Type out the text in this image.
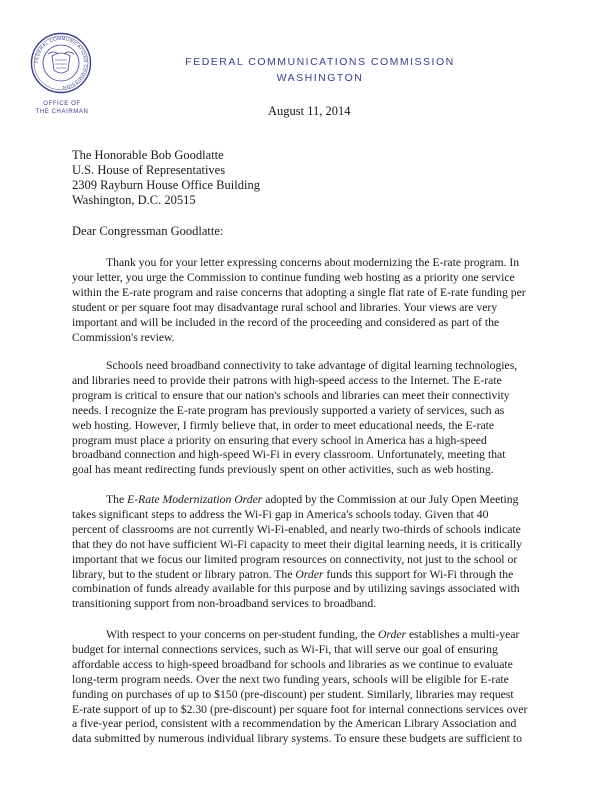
FEDERAL COMMUNICATIONS COMMISSION
OFFICE OF
THE CHAIRMAN
FEDERAL COMMUNICATIONS COMMISSION
WASHINGTON
August 11, 2014
The Honorable Bob Goodlatte
U.S. House of Representatives
2309 Rayburn House Office Building
Washington, D.C. 20515
Dear Congressman Goodlatte:
Thank you for your letter expressing concerns about modernizing the E-rate program. In
your letter, you urge the Commission to continue funding web hosting as a priority one service
within the E-rate program and raise concerns that adopting a single flat rate of E-rate funding per
student or per square foot may disadvantage rural school and libraries. Your views are very
important and will be included in the record of the proceeding and considered as part of the
Commission's review.
Schools need broadband connectivity to take advantage of digital learning technologies,
and libraries need to provide their patrons with high-speed access to the Internet. The E-rate
program is critical to ensure that our nation's schools and libraries can meet their connectivity
needs. I recognize the E-rate program has previously supported a variety of services, such as
web hosting. However, I firmly believe that, in order to meet educational needs, the E-rate
program must place a priority on ensuring that every school in America has a high-speed
broadband connection and high-speed Wi-Fi in every classroom. Unfortunately, meeting that
goal has meant redirecting funds previously spent on other activities, such as web hosting.
The E-Rate Modernization Order adopted by the Commission at our July Open Meeting
takes significant steps to address the Wi-Fi gap in America's schools today. Given that 40
percent of classrooms are not currently Wi-Fi-enabled, and nearly two-thirds of schools indicate
that they do not have sufficient Wi-Fi capacity to meet their digital learning needs, it is critically
important that we focus our limited program resources on connectivity, not just to the school or
library, but to the student or library patron. The Order funds this support for Wi-Fi through the
combination of funds already available for this purpose and by utilizing savings associated with
transitioning support from non-broadband services to broadband.
With respect to your concerns on per-student funding, the Order establishes a multi-year
budget for internal connections services, such as Wi-Fi, that will serve our goal of ensuring
affordable access to high-speed broadband for schools and libraries as we continue to evaluate
long-term program needs. Over the next two funding years, schools will be eligible for E-rate
funding on purchases of up to $150 (pre-discount) per student. Similarly, libraries may request
E-rate support of up to $2.30 (pre-discount) per square foot for internal connections services over
a five-year period, consistent with a recommendation by the American Library Association and
data submitted by numerous individual library systems. To ensure these budgets are sufficient to
